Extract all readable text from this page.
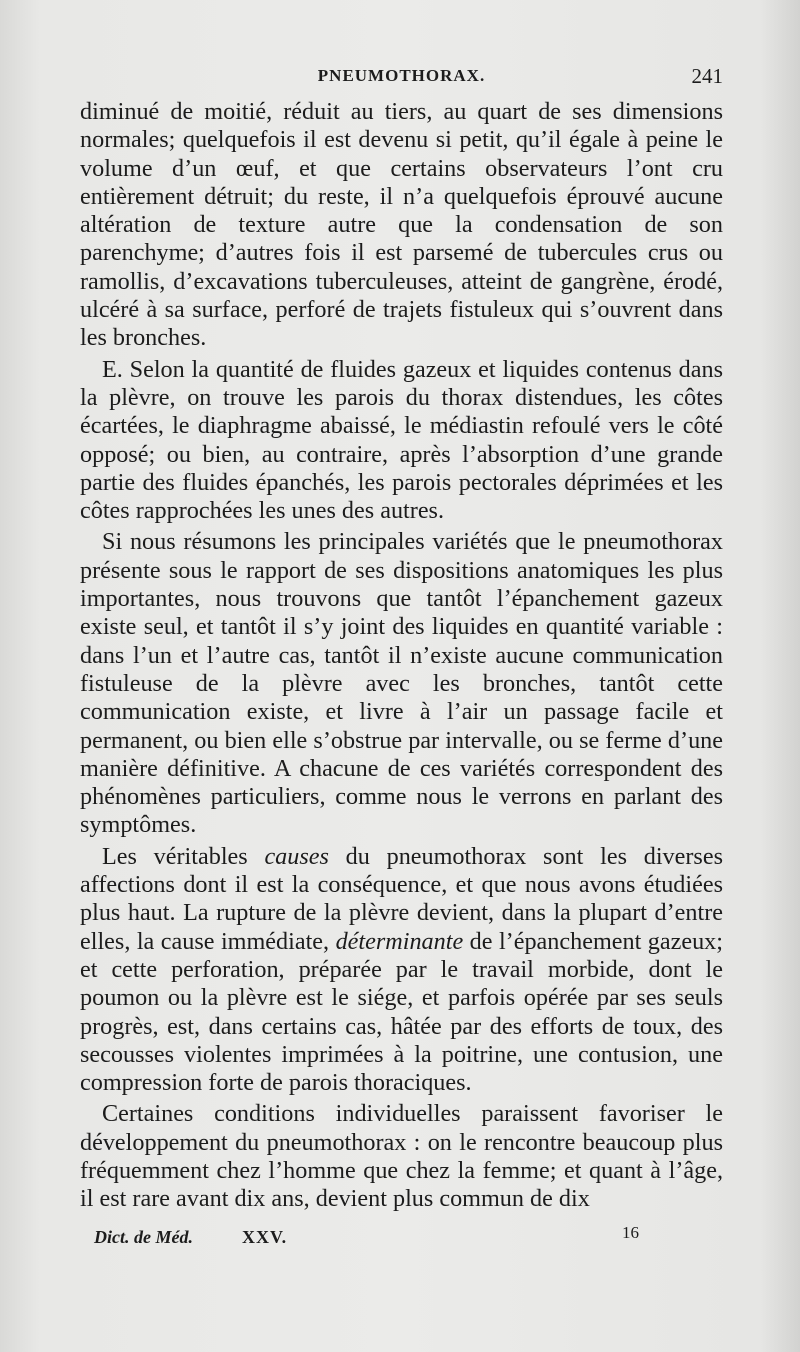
PNEUMOTHORAX.	241

diminué de moitié, réduit au tiers, au quart de ses dimensions normales; quelquefois il est devenu si petit, qu’il égale à peine le volume d’un œuf, et que certains observateurs l’ont cru entièrement détruit; du reste, il n’a quelquefois éprouvé aucune altération de texture autre que la condensation de son parenchyme; d’autres fois il est parsemé de tubercules crus ou ramollis, d’excavations tuberculeuses, atteint de gangrène, érodé, ulcéré à sa surface, perforé de trajets fistuleux qui s’ouvrent dans les bronches.

E. Selon la quantité de fluides gazeux et liquides contenus dans la plèvre, on trouve les parois du thorax distendues, les côtes écartées, le diaphragme abaissé, le médiastin refoulé vers le côté opposé; ou bien, au contraire, après l’absorption d’une grande partie des fluides épanchés, les parois pectorales déprimées et les côtes rapprochées les unes des autres.

Si nous résumons les principales variétés que le pneumothorax présente sous le rapport de ses dispositions anatomiques les plus importantes, nous trouvons que tantôt l’épanchement gazeux existe seul, et tantôt il s’y joint des liquides en quantité variable : dans l’un et l’autre cas, tantôt il n’existe aucune communication fistuleuse de la plèvre avec les bronches, tantôt cette communication existe, et livre à l’air un passage facile et permanent, ou bien elle s’obstrue par intervalle, ou se ferme d’une manière définitive. A chacune de ces variétés correspondent des phénomènes particuliers, comme nous le verrons en parlant des symptômes.

Les véritables causes du pneumothorax sont les diverses affections dont il est la conséquence, et que nous avons étudiées plus haut. La rupture de la plèvre devient, dans la plupart d’entre elles, la cause immédiate, déterminante de l’épanchement gazeux; et cette perforation, préparée par le travail morbide, dont le poumon ou la plèvre est le siége, et parfois opérée par ses seuls progrès, est, dans certains cas, hâtée par des efforts de toux, des secousses violentes imprimées à la poitrine, une contusion, une compression forte de parois thoraciques.

Certaines conditions individuelles paraissent favoriser le développement du pneumothorax : on le rencontre beaucoup plus fréquemment chez l’homme que chez la femme; et quant à l’âge, il est rare avant dix ans, devient plus commun de dix

Dict. de Méd.	XXV.	16
